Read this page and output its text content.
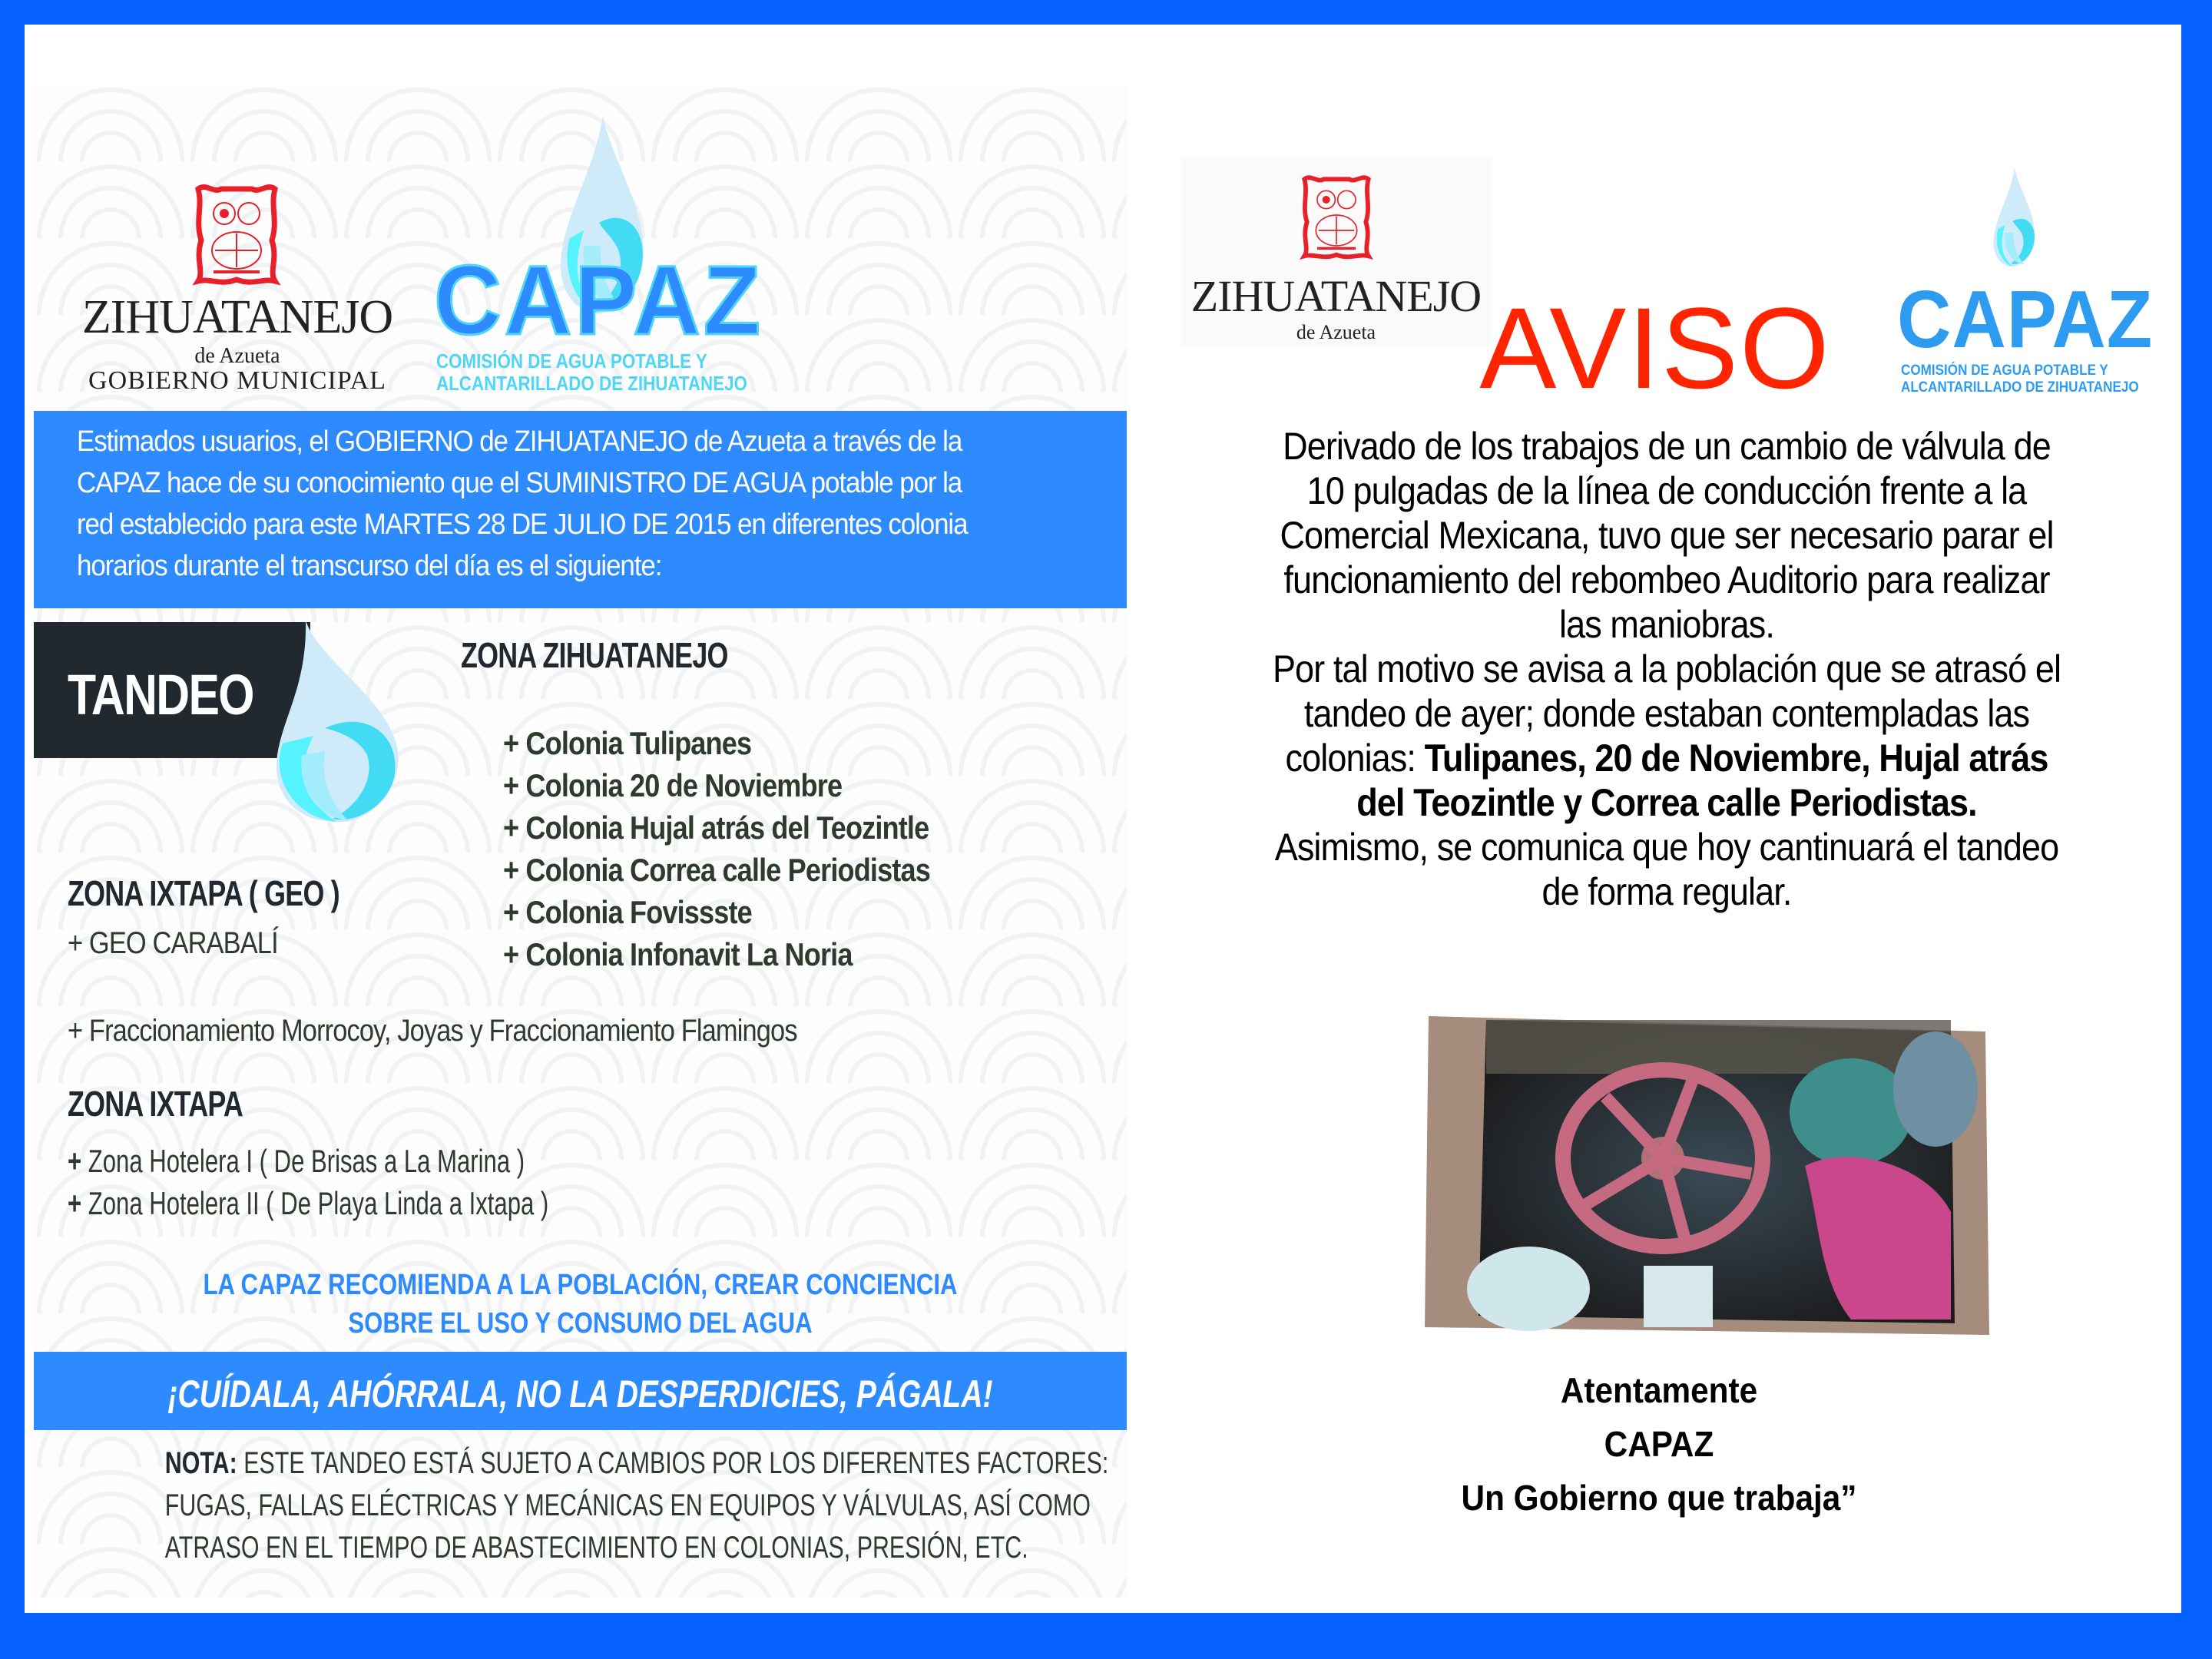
ZIHUATANEJO
de Azueta
GOBIERNO MUNICIPAL
CAPAZ
COMISIÓN DE AGUA POTABLE Y
ALCANTARILLADO DE ZIHUATANEJO
Estimados usuarios, el GOBIERNO de ZIHUATANEJO de Azueta a través de la
CAPAZ hace de su conocimiento que el SUMINISTRO DE AGUA potable por la
red establecido para este MARTES 28 DE JULIO DE 2015 en diferentes colonia
horarios durante el transcurso del día es el siguiente:
TANDEO
ZONA ZIHUATANEJO
+ Colonia Tulipanes
+ Colonia 20 de Noviembre
+ Colonia Hujal atrás del Teozintle
+ Colonia Correa calle Periodistas
+ Colonia Fovissste
+ Colonia Infonavit La Noria
ZONA IXTAPA ( GEO )
+ GEO CARABALÍ
+ Fraccionamiento Morrocoy, Joyas y Fraccionamiento Flamingos
ZONA IXTAPA
+ Zona Hotelera I ( De Brisas a La Marina )
+ Zona Hotelera II ( De Playa Linda a Ixtapa )
LA CAPAZ RECOMIENDA A LA POBLACIÓN, CREAR CONCIENCIA
SOBRE EL USO Y CONSUMO DEL AGUA
¡CUÍDALA, AHÓRRALA, NO LA DESPERDICIES, PÁGALA!
NOTA: ESTE TANDEO ESTÁ SUJETO A CAMBIOS POR LOS DIFERENTES FACTORES:
FUGAS, FALLAS ELÉCTRICAS Y MECÁNICAS EN EQUIPOS Y VÁLVULAS, ASÍ COMO
ATRASO EN EL TIEMPO DE ABASTECIMIENTO EN COLONIAS, PRESIÓN, ETC.
ZIHUATANEJO
de Azueta AVISO CAPAZ
COMISIÓN DE AGUA POTABLE Y
ALCANTARILLADO DE ZIHUATANEJO
Derivado de los trabajos de un cambio de válvula de
10 pulgadas de la línea de conducción frente a la
Comercial Mexicana, tuvo que ser necesario parar el
funcionamiento del rebombeo Auditorio para realizar
las maniobras.
Por tal motivo se avisa a la población que se atrasó el
tandeo de ayer; donde estaban contempladas las
colonias: Tulipanes, 20 de Noviembre, Hujal atrás
del Teozintle y Correa calle Periodistas.
Asimismo, se comunica que hoy cantinuará el tandeo
de forma regular.
Atentamente
CAPAZ
Un Gobierno que trabaja”
